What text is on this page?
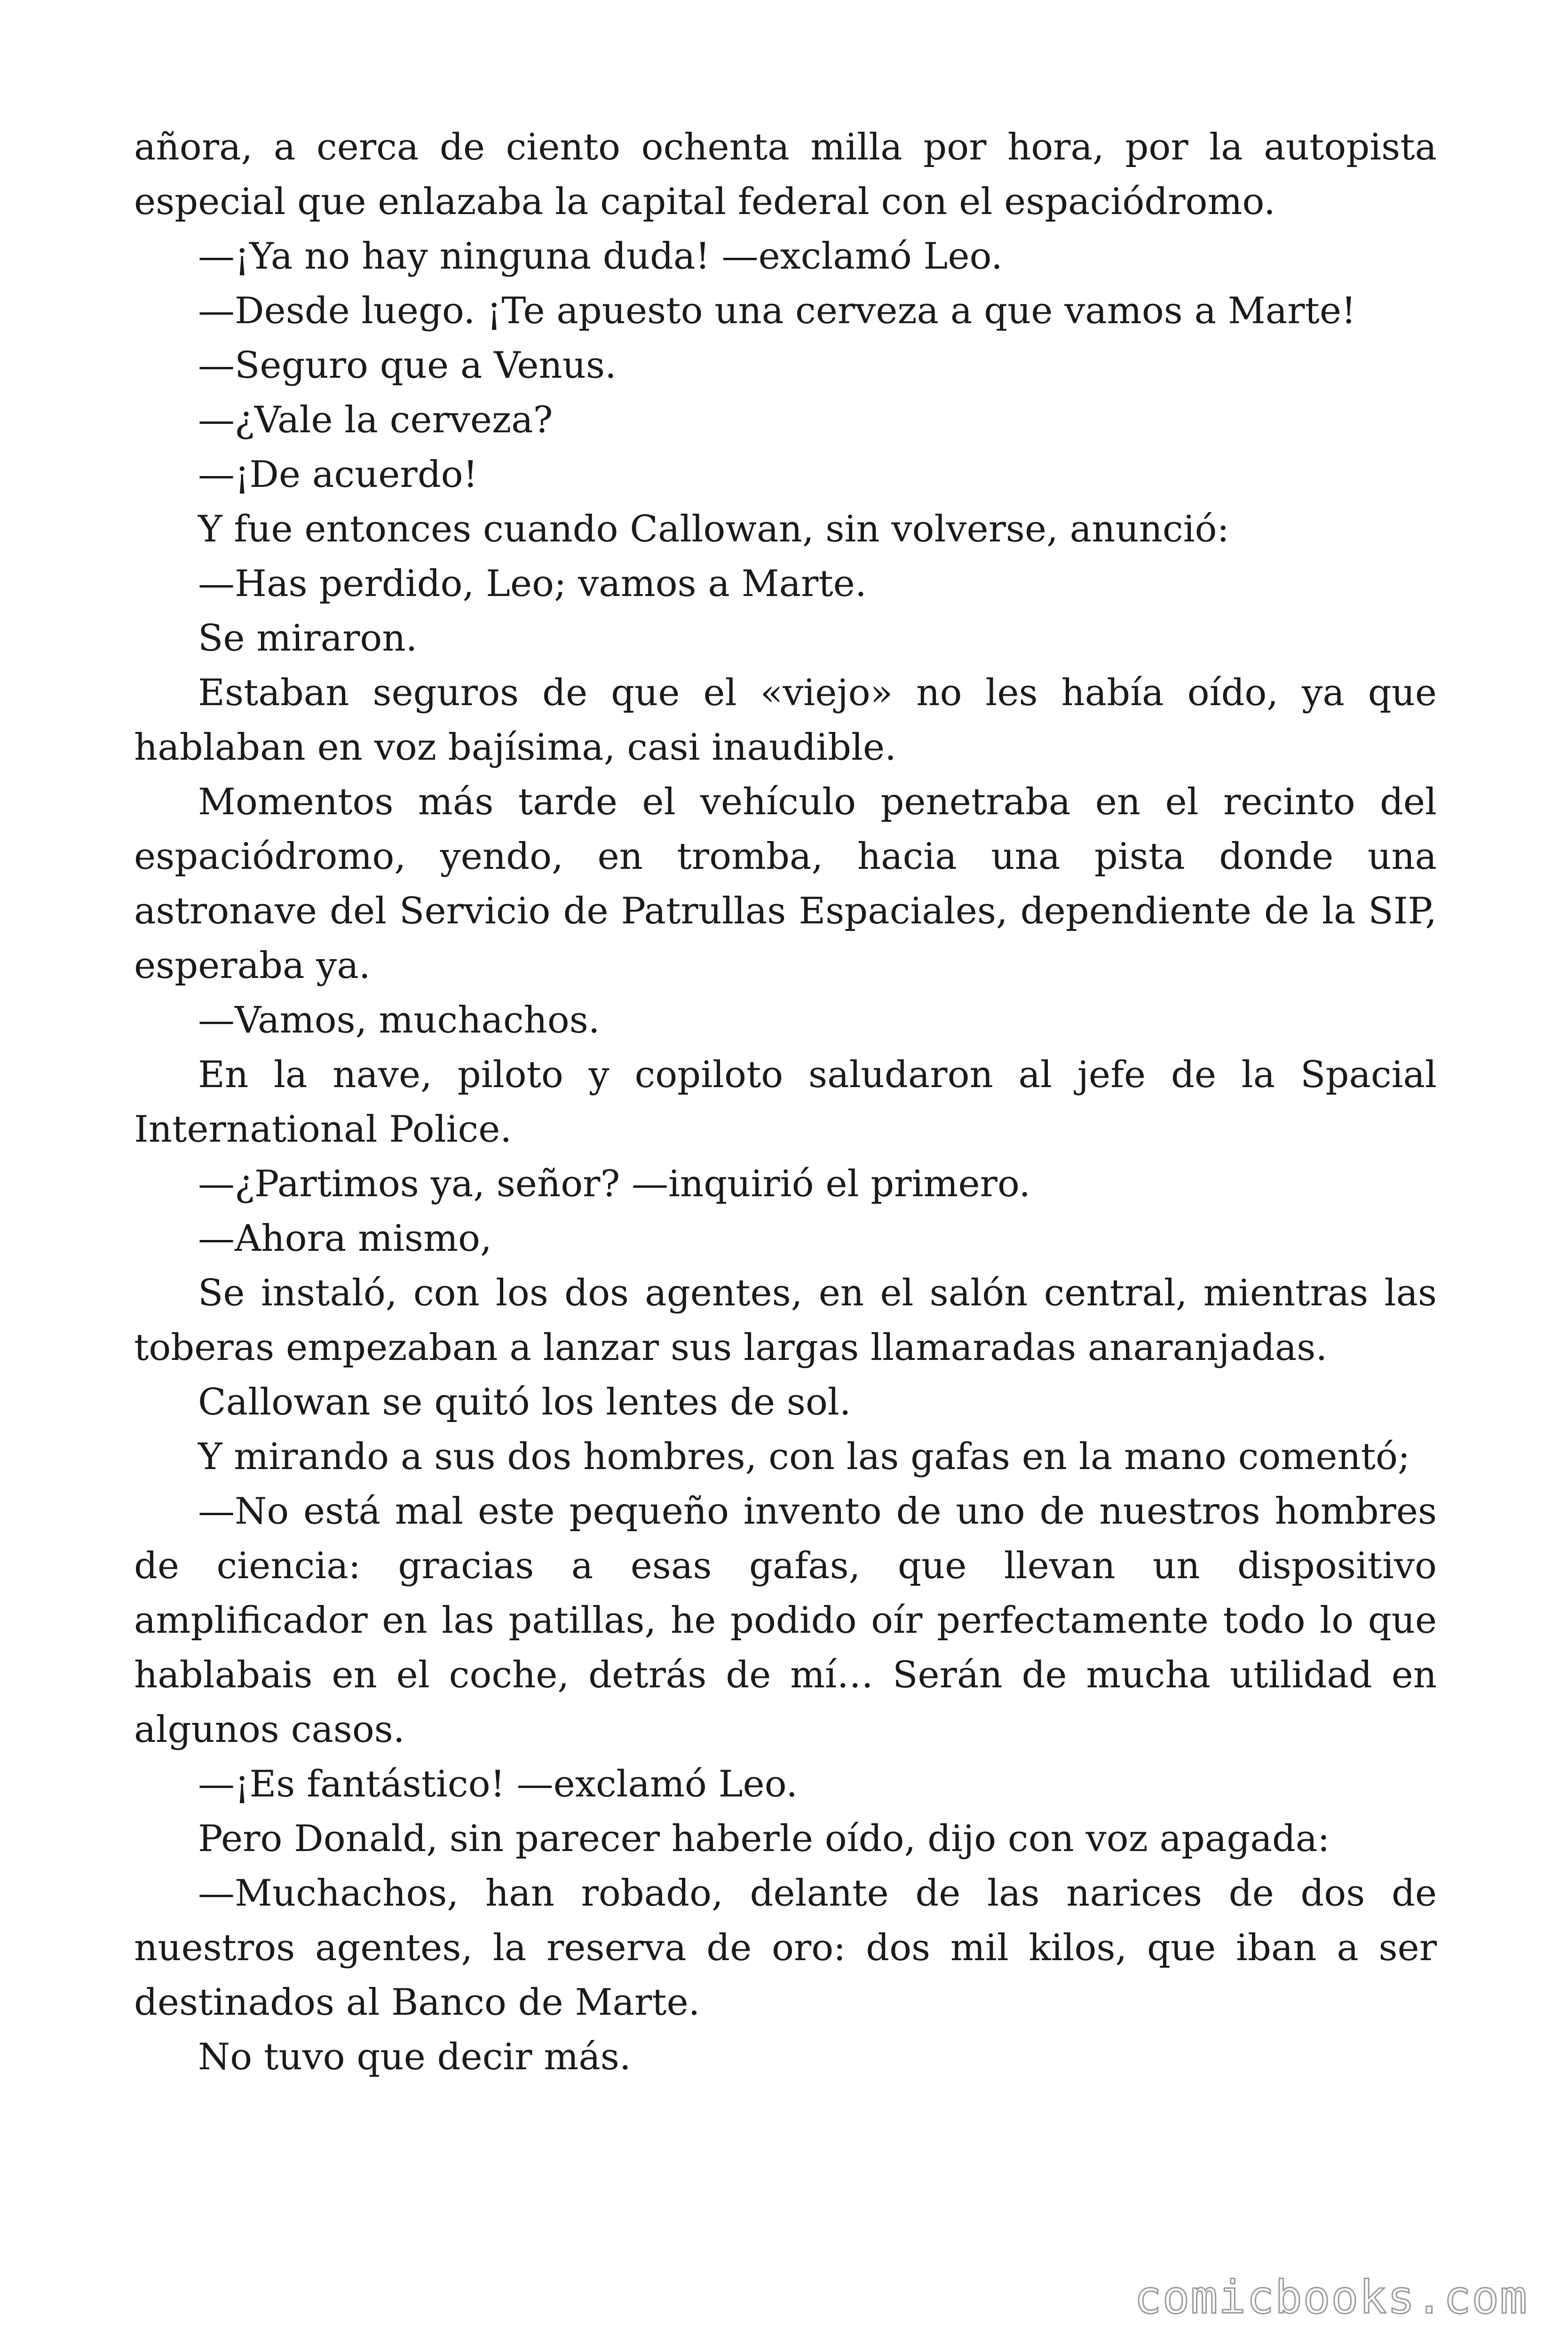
añora, a cerca de ciento ochenta milla por hora, por la autopista especial que enlazaba la capital federal con el espaciódromo.

—¡Ya no hay ninguna duda! —exclamó Leo.

—Desde luego. ¡Te apuesto una cerveza a que vamos a Marte!

—Seguro que a Venus.

—¿Vale la cerveza?

—¡De acuerdo!

Y fue entonces cuando Callowan, sin volverse, anunció:

—Has perdido, Leo; vamos a Marte.

Se miraron.

Estaban seguros de que el «viejo» no les había oído, ya que hablaban en voz bajísima, casi inaudible.

Momentos más tarde el vehículo penetraba en el recinto del espaciódromo, yendo, en tromba, hacia una pista donde una astronave del Servicio de Patrullas Espaciales, dependiente de la SIP, esperaba ya.

—Vamos, muchachos.

En la nave, piloto y copiloto saludaron al jefe de la Spacial International Police.

—¿Partimos ya, señor? —inquirió el primero.

—Ahora mismo,

Se instaló, con los dos agentes, en el salón central, mientras las toberas empezaban a lanzar sus largas llamaradas anaranjadas.

Callowan se quitó los lentes de sol.

Y mirando a sus dos hombres, con las gafas en la mano comentó;

—No está mal este pequeño invento de uno de nuestros hombres de ciencia: gracias a esas gafas, que llevan un dispositivo amplificador en las patillas, he podido oír perfectamente todo lo que hablabais en el coche, detrás de mí… Serán de mucha utilidad en algunos casos.

—¡Es fantástico! —exclamó Leo.

Pero Donald, sin parecer haberle oído, dijo con voz apagada:

—Muchachos, han robado, delante de las narices de dos de nuestros agentes, la reserva de oro: dos mil kilos, que iban a ser destinados al Banco de Marte.

No tuvo que decir más.

comicbooks.com
